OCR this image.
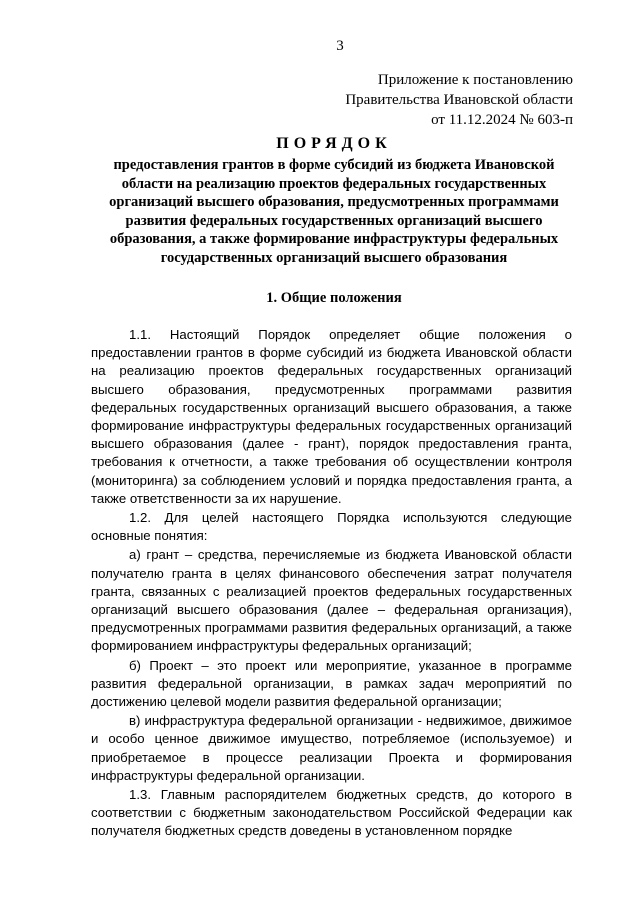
3
Приложение к постановлению
Правительства Ивановской области
от 11.12.2024 № 603-п
ПОРЯДОК
предоставления грантов в форме субсидий из бюджета Ивановской области на реализацию проектов федеральных государственных организаций высшего образования, предусмотренных программами развития федеральных государственных организаций высшего образования, а также формирование инфраструктуры федеральных государственных организаций высшего образования
1. Общие положения

1.1. Настоящий Порядок определяет общие положения о предоставлении грантов в форме субсидий из бюджета Ивановской области на реализацию проектов федеральных государственных организаций высшего образования, предусмотренных программами развития федеральных государственных организаций высшего образования, а также формирование инфраструктуры федеральных государственных организаций высшего образования (далее - грант), порядок предоставления гранта, требования к отчетности, а также требования об осуществлении контроля (мониторинга) за соблюдением условий и порядка предоставления гранта, а также ответственности за их нарушение.

1.2. Для целей настоящего Порядка используются следующие основные понятия:

а) грант – средства, перечисляемые из бюджета Ивановской области получателю гранта в целях финансового обеспечения затрат получателя гранта, связанных с реализацией проектов федеральных государственных организаций высшего образования (далее – федеральная организация), предусмотренных программами развития федеральных организаций, а также формированием инфраструктуры федеральных организаций;

б) Проект – это проект или мероприятие, указанное в программе развития федеральной организации, в рамках задач мероприятий по достижению целевой модели развития федеральной организации;

в) инфраструктура федеральной организации - недвижимое, движимое и особо ценное движимое имущество, потребляемое (используемое) и приобретаемое в процессе реализации Проекта и формирования инфраструктуры федеральной организации.

1.3. Главным распорядителем бюджетных средств, до которого в соответствии с бюджетным законодательством Российской Федерации как получателя бюджетных средств доведены в установленном порядке
